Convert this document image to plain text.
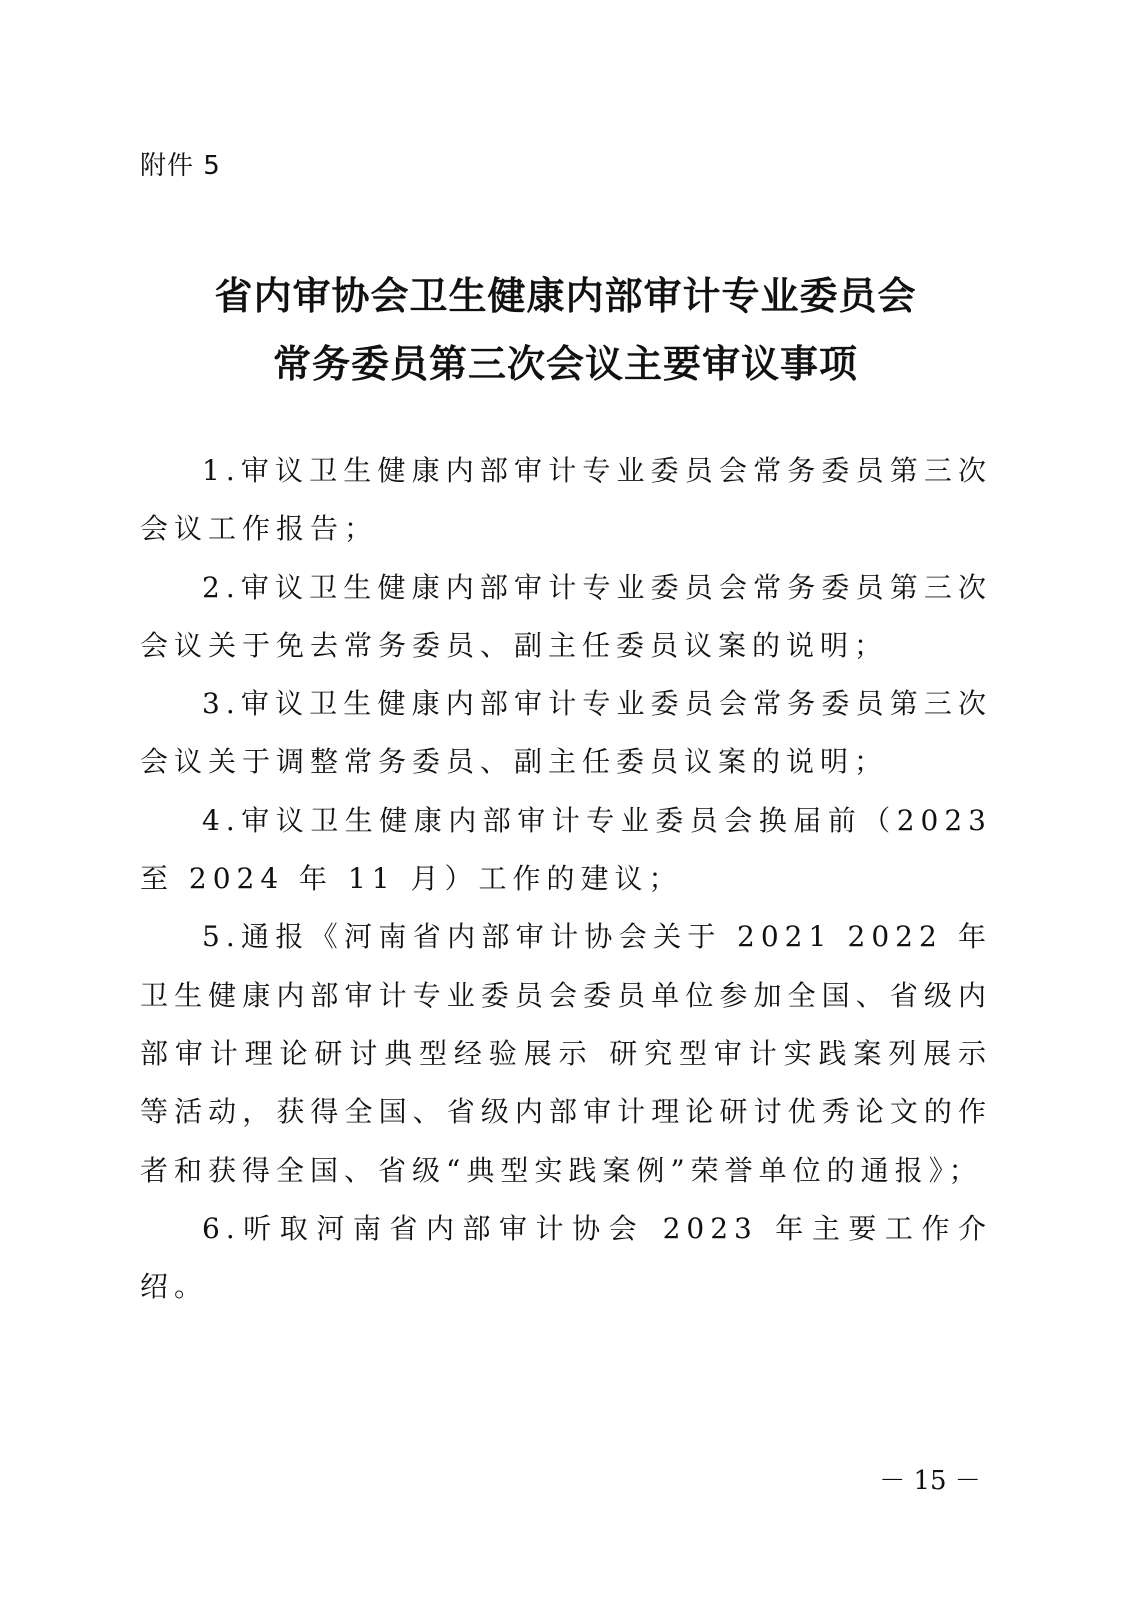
附件 5
省内审协会卫生健康内部审计专业委员会
常务委员第三次会议主要审议事项

1.审议卫生健康内部审计专业委员会常务委员第三次会议工作报告；

2.审议卫生健康内部审计专业委员会常务委员第三次会议关于免去常务委员、副主任委员议案的说明；

3.审议卫生健康内部审计专业委员会常务委员第三次会议关于调整常务委员、副主任委员议案的说明；

4.审议卫生健康内部审计专业委员会换届前（2023 至 2024 年 11 月）工作的建议；

5.通报《河南省内部审计协会关于 2021 2022 年卫生健康内部审计专业委员会委员单位参加全国、省级内部审计理论研讨典型经验展示 研究型审计实践案列展示等活动，获得全国、省级内部审计理论研讨优秀论文的作者和获得全国、省级“典型实践案例”荣誉单位的通报》；

6.听取河南省内部审计协会 2023 年主要工作介绍。

－ 15 －
